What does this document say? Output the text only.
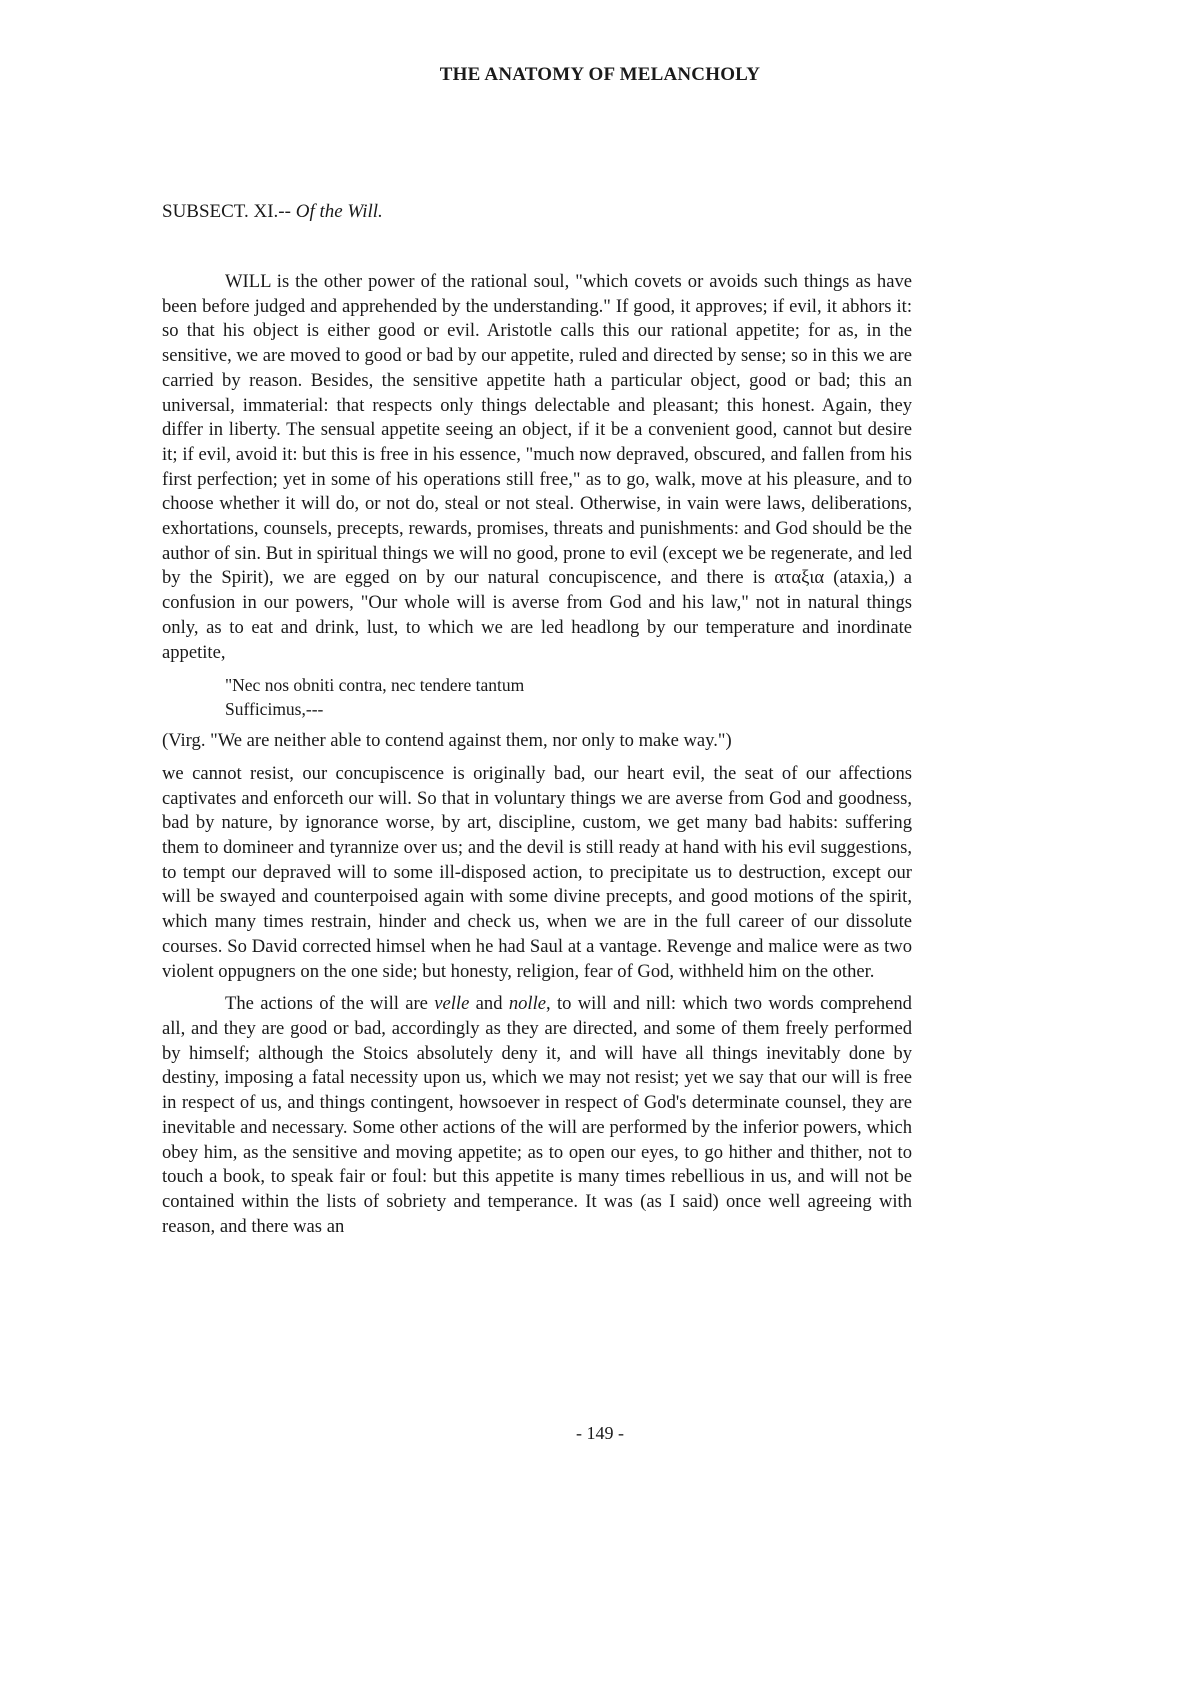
THE ANATOMY OF MELANCHOLY
SUBSECT. XI.-- Of the Will.

WILL is the other power of the rational soul, "which covets or avoids such things as have been before judged and apprehended by the understanding." If good, it approves; if evil, it abhors it: so that his object is either good or evil. Aristotle calls this our rational appetite; for as, in the sensitive, we are moved to good or bad by our appetite, ruled and directed by sense; so in this we are carried by reason. Besides, the sensitive appetite hath a particular object, good or bad; this an universal, immaterial: that respects only things delectable and pleasant; this honest. Again, they differ in liberty. The sensual appetite seeing an object, if it be a convenient good, cannot but desire it; if evil, avoid it: but this is free in his essence, "much now depraved, obscured, and fallen from his first perfection; yet in some of his operations still free," as to go, walk, move at his pleasure, and to choose whether it will do, or not do, steal or not steal. Otherwise, in vain were laws, deliberations, exhortations, counsels, precepts, rewards, promises, threats and punishments: and God should be the author of sin. But in spiritual things we will no good, prone to evil (except we be regenerate, and led by the Spirit), we are egged on by our natural concupiscence, and there is αταξια (ataxia,) a confusion in our powers, "Our whole will is averse from God and his law," not in natural things only, as to eat and drink, lust, to which we are led headlong by our temperature and inordinate appetite,

"Nec nos obniti contra, nec tendere tantum
Sufficimus,---

(Virg. "We are neither able to contend against them, nor only to make way.")

we cannot resist, our concupiscence is originally bad, our heart evil, the seat of our affections captivates and enforceth our will. So that in voluntary things we are averse from God and goodness, bad by nature, by ignorance worse, by art, discipline, custom, we get many bad habits: suffering them to domineer and tyrannize over us; and the devil is still ready at hand with his evil suggestions, to tempt our depraved will to some ill-disposed action, to precipitate us to destruction, except our will be swayed and counterpoised again with some divine precepts, and good motions of the spirit, which many times restrain, hinder and check us, when we are in the full career of our dissolute courses. So David corrected himsel when he had Saul at a vantage. Revenge and malice were as two violent oppugners on the one side; but honesty, religion, fear of God, withheld him on the other.

The actions of the will are velle and nolle, to will and nill: which two words comprehend all, and they are good or bad, accordingly as they are directed, and some of them freely performed by himself; although the Stoics absolutely deny it, and will have all things inevitably done by destiny, imposing a fatal necessity upon us, which we may not resist; yet we say that our will is free in respect of us, and things contingent, howsoever in respect of God's determinate counsel, they are inevitable and necessary. Some other actions of the will are performed by the inferior powers, which obey him, as the sensitive and moving appetite; as to open our eyes, to go hither and thither, not to touch a book, to speak fair or foul: but this appetite is many times rebellious in us, and will not be contained within the lists of sobriety and temperance. It was (as I said) once well agreeing with reason, and there was an

- 149 -
